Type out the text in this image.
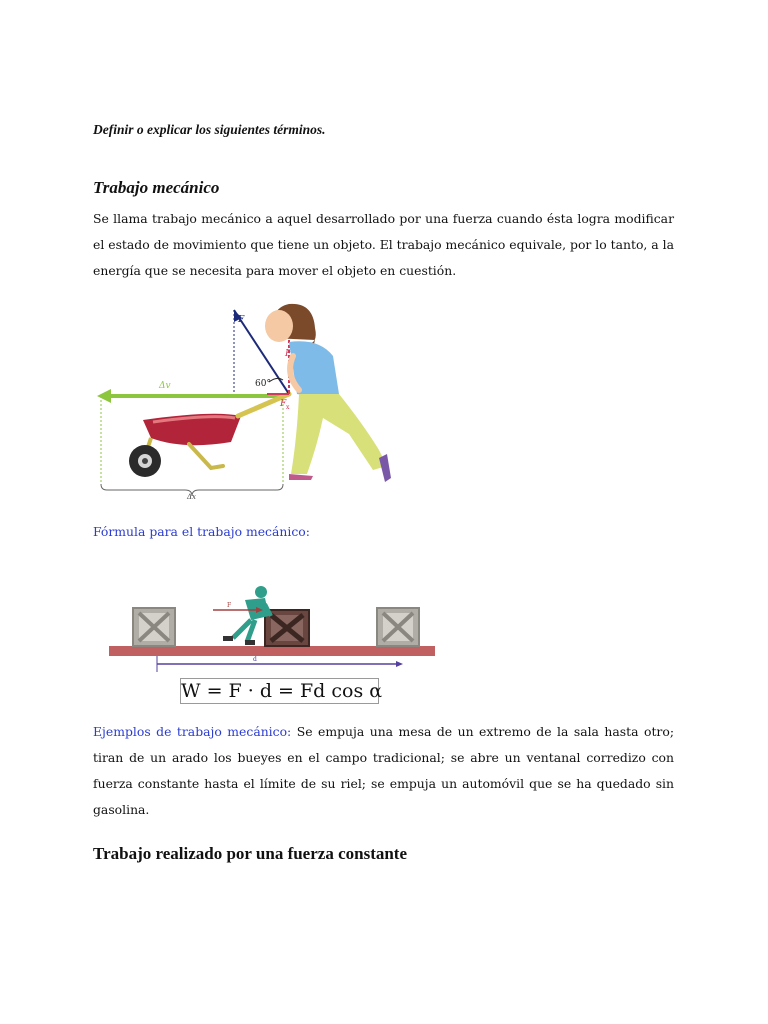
Definir o explicar los siguientes términos.

Trabajo mecánico

Se llama trabajo mecánico a aquel desarrollado por una fuerza cuando ésta logra modificar el estado de movimiento que tiene un objeto. El trabajo mecánico equivale, por lo tanto, a la energía que se necesita para mover el objeto en cuestión.

F
F
F x
60°
Δv
Δx

Fórmula para el trabajo mecánico:

F
d
W = F · d = Fd cos α

Ejemplos de trabajo mecánico: Se empuja una mesa de un extremo de la sala hasta otro; tiran de un arado los bueyes en el campo tradicional; se abre un ventanal corredizo con fuerza constante hasta el límite de su riel; se empuja un automóvil que se ha quedado sin gasolina.

Trabajo realizado por una fuerza constante
